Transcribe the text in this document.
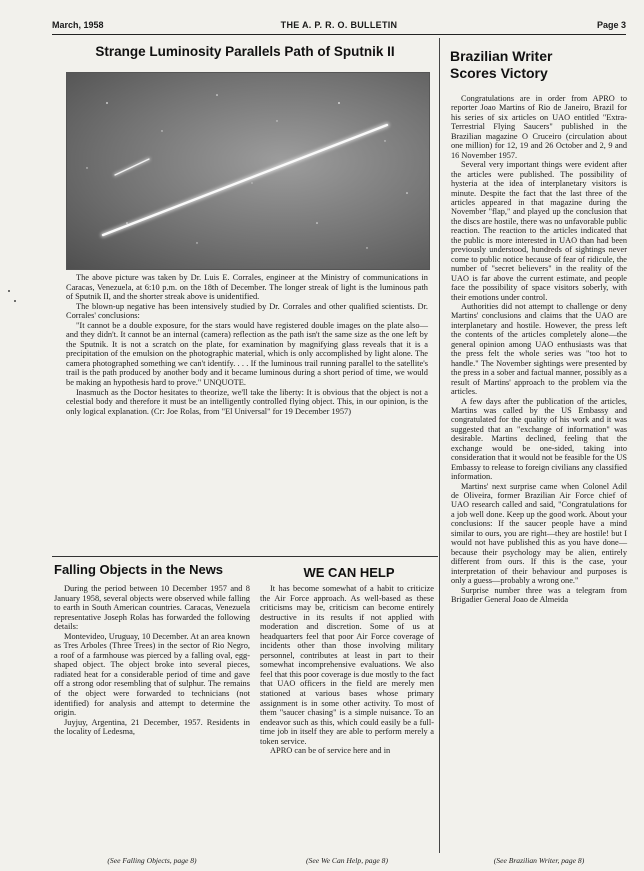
March, 1958	THE A. P. R. O. BULLETIN	Page 3
Strange Luminosity Parallels Path of Sputnik II

The above picture was taken by Dr. Luis E. Corrales, engineer at the Ministry of communications in Caracas, Venezuela, at 6:10 p.m. on the 18th of December. The longer streak of light is the luminous path of Sputnik II, and the shorter streak above is unidentified.

The blown-up negative has been intensively studied by Dr. Corrales and other qualified scientists. Dr. Corrales' conclusions:

"It cannot be a double exposure, for the stars would have registered double images on the plate also—and they didn't. It cannot be an internal (camera) reflection as the path isn't the same size as the one left by the Sputnik. It is not a scratch on the plate, for examination by magnifying glass reveals that it is a precipitation of the emulsion on the photographic material, which is only accomplished by light alone. The camera photographed something we can't identify. . . . If the luminous trail running parallel to the satellite's trail is the path produced by another body and it became luminous during a short period of time, we would be making an hypothesis hard to prove." UNQUOTE.

Inasmuch as the Doctor hesitates to theorize, we'll take the liberty: It is obvious that the object is not a celestial body and therefore it must be an intelligently controlled flying object. This, in our opinion, is the only logical explanation. (Cr: Joe Rolas, from "El Universal" for 19 December 1957)

Brazilian Writer
Scores Victory

Congratulations are in order from APRO to reporter Joao Martins of Rio de Janeiro, Brazil for his series of six articles on UAO entitled "Extra-Terrestrial Flying Saucers" published in the Brazilian magazine O Cruceiro (circulation about one million) for 12, 19 and 26 October and 2, 9 and 16 November 1957.

Several very important things were evident after the articles were published. The possibility of hysteria at the idea of interplanetary visitors is minute. Despite the fact that the last three of the articles appeared in that magazine during the November "flap," and played up the conclusion that the discs are hostile, there was no unfavorable public reaction. The reaction to the articles indicated that the public is more interested in UAO than had been previously understood, hundreds of sightings never come to public notice because of fear of ridicule, the number of "secret believers" in the reality of the UAO is far above the current estimate, and people face the possibility of space visitors soberly, with their emotions under control.

Authorities did not attempt to challenge or deny Martins' conclusions and claims that the UAO are interplanetary and hostile. However, the press left the contents of the articles completely alone—the general opinion among UAO enthusiasts was that the press felt the whole series was "too hot to handle." The November sightings were presented by the press in a sober and factual manner, possibly as a result of Martins' approach to the problem via the articles.

A few days after the publication of the articles, Martins was called by the US Embassy and congratulated for the quality of his work and it was suggested that an "exchange of information" was desirable. Martins declined, feeling that the exchange would be one-sided, taking into consideration that it would not be feasible for the US Embassy to release to foreign civilians any classified information.

Martins' next surprise came when Colonel Adil de Oliveira, former Brazilian Air Force chief of UAO research called and said, "Congratulations for a job well done. Keep up the good work. About your conclusions: If the saucer people have a mind similar to ours, you are right—they are hostile! but I would not have published this as you have done—because their psychology may be alien, entirely different from ours. If this is the case, your interpretation of their behaviour and purposes is only a guess—probably a wrong one."

Surprise number three was a telegram from Brigadier General Joao de Almeida

(See Brazilian Writer, page 8)
Falling Objects in the News

During the period between 10 December 1957 and 8 January 1958, several objects were observed while falling to earth in South American countries. Caracas, Venezuela representative Joseph Rolas has forwarded the following details:

Montevideo, Uruguay, 10 December. At an area known as Tres Arboles (Three Trees) in the sector of Rio Negro, a roof of a farmhouse was pierced by a falling oval, egg-shaped object. The object broke into several pieces, radiated heat for a considerable period of time and gave off a strong odor resembling that of sulphur. The remains of the object were forwarded to technicians (not identified) for analysis and attempt to determine the origin.

Juyjuy, Argentina, 21 December, 1957. Residents in the locality of Ledesma,

(See Falling Objects, page 8)
WE CAN HELP

It has become somewhat of a habit to criticize the Air Force approach. As well-based as these criticisms may be, criticism can become entirely destructive in its results if not applied with moderation and discretion. Some of us at headquarters feel that poor Air Force coverage of incidents other than those involving military personnel, contributes at least in part to their somewhat incomprehensive evaluations. We also feel that this poor coverage is due mostly to the fact that UAO officers in the field are merely men stationed at various bases whose primary assignment is in some other activity. To most of them "saucer chasing" is a simple nuisance. To an endeavor such as this, which could easily be a full-time job in itself they are able to perform merely a token service.

APRO can be of service here and in

(See We Can Help, page 8)
